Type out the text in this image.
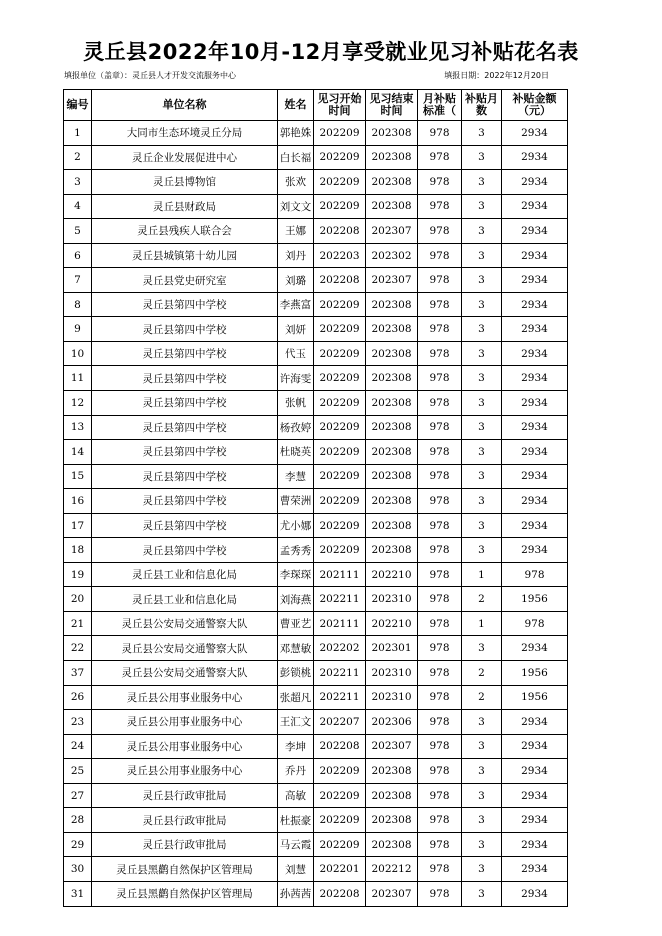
灵丘县2022年10月-12月享受就业见习补贴花名表
填报单位（盖章）：灵丘县人才开发交流服务中心	填报日期：2022年12月20日
编号	单位名称	姓名	见习开始时间	见习结束时间	月补贴标准（	补贴月数	补贴金额（元）
1	大同市生态环境灵丘分局	郭艳姝	202209	202308	978	3	2934
2	灵丘企业发展促进中心	白长福	202209	202308	978	3	2934
3	灵丘县博物馆	张欢	202209	202308	978	3	2934
4	灵丘县财政局	刘文文	202209	202308	978	3	2934
5	灵丘县残疾人联合会	王娜	202208	202307	978	3	2934
6	灵丘县城镇第十幼儿园	刘丹	202203	202302	978	3	2934
7	灵丘县党史研究室	刘璐	202208	202307	978	3	2934
8	灵丘县第四中学校	李燕富	202209	202308	978	3	2934
9	灵丘县第四中学校	刘妍	202209	202308	978	3	2934
10	灵丘县第四中学校	代玉	202209	202308	978	3	2934
11	灵丘县第四中学校	许海雯	202209	202308	978	3	2934
12	灵丘县第四中学校	张帆	202209	202308	978	3	2934
13	灵丘县第四中学校	杨孜婷	202209	202308	978	3	2934
14	灵丘县第四中学校	杜晓英	202209	202308	978	3	2934
15	灵丘县第四中学校	李慧	202209	202308	978	3	2934
16	灵丘县第四中学校	曹荣洲	202209	202308	978	3	2934
17	灵丘县第四中学校	尤小娜	202209	202308	978	3	2934
18	灵丘县第四中学校	孟秀秀	202209	202308	978	3	2934
19	灵丘县工业和信息化局	李琛琛	202111	202210	978	1	978
20	灵丘县工业和信息化局	刘海燕	202211	202310	978	2	1956
21	灵丘县公安局交通警察大队	曹亚艺	202111	202210	978	1	978
22	灵丘县公安局交通警察大队	邓慧敏	202202	202301	978	3	2934
37	灵丘县公安局交通警察大队	彭锁桃	202211	202310	978	2	1956
26	灵丘县公用事业服务中心	张超凡	202211	202310	978	2	1956
23	灵丘县公用事业服务中心	王汇文	202207	202306	978	3	2934
24	灵丘县公用事业服务中心	李坤	202208	202307	978	3	2934
25	灵丘县公用事业服务中心	乔丹	202209	202308	978	3	2934
27	灵丘县行政审批局	高敏	202209	202308	978	3	2934
28	灵丘县行政审批局	杜振豪	202209	202308	978	3	2934
29	灵丘县行政审批局	马云霞	202209	202308	978	3	2934
30	灵丘县黑鹳自然保护区管理局	刘慧	202201	202212	978	3	2934
31	灵丘县黑鹳自然保护区管理局	孙茜茜	202208	202307	978	3	2934
